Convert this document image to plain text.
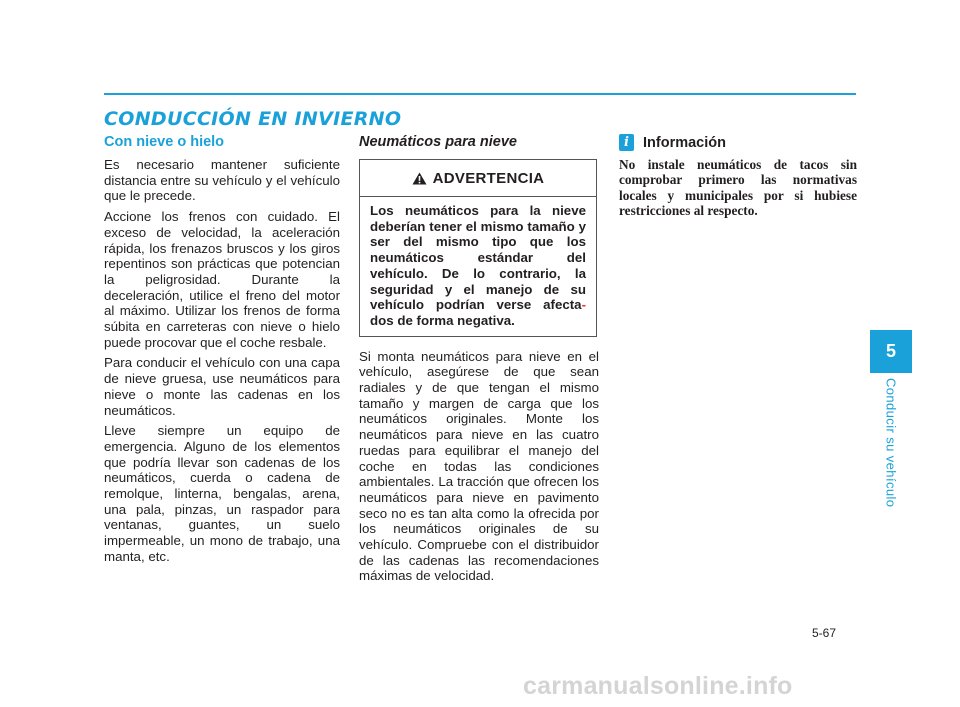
CONDUCCIÓN EN INVIERNO
Con nieve o hielo

Es necesario mantener suficiente distancia entre su vehículo y el vehículo que le precede.

Accione los frenos con cuidado. El exceso de velocidad, la aceleración rápida, los frenazos bruscos y los giros repentinos son prácticas que potencian la peligrosidad. Durante la deceleración, utilice el freno del motor al máximo. Utilizar los frenos de forma súbita en carreteras con nieve o hielo puede procovar que el coche resbale.

Para conducir el vehículo con una capa de nieve gruesa, use neumáticos para nieve o monte las cadenas en los neumáticos.

Lleve siempre un equipo de emergencia. Alguno de los elementos que podría llevar son cadenas de los neumáticos, cuerda o cadena de remolque, linterna, bengalas, arena, una pala, pinzas, un raspador para ventanas, guantes, un suelo impermeable, un mono de trabajo, una manta, etc.

Neumáticos para nieve
ADVERTENCIA
Los neumáticos para la nieve deberían tener el mismo tamaño y ser del mismo tipo que los neumáticos estándar del vehículo. De lo contrario, la seguridad y el manejo de su vehículo podrían verse afecta- dos de forma negativa.

Si monta neumáticos para nieve en el vehículo, asegúrese de que sean radiales y de que tengan el mismo tamaño y margen de carga que los neumáticos originales. Monte los neumáticos para nieve en las cuatro ruedas para equilibrar el manejo del coche en todas las condiciones ambientales. La tracción que ofrecen los neumáticos para nieve en pavimento seco no es tan alta como la ofrecida por los neumáticos originales de su vehículo. Compruebe con el distribuidor de las cadenas las recomendaciones máximas de velocidad.

i Información

No instale neumáticos de tacos sin comprobar primero las normativas locales y municipales por si hubiese restricciones al respecto.

5
Conducir su vehículo
5-67
carmanualsonline.info
